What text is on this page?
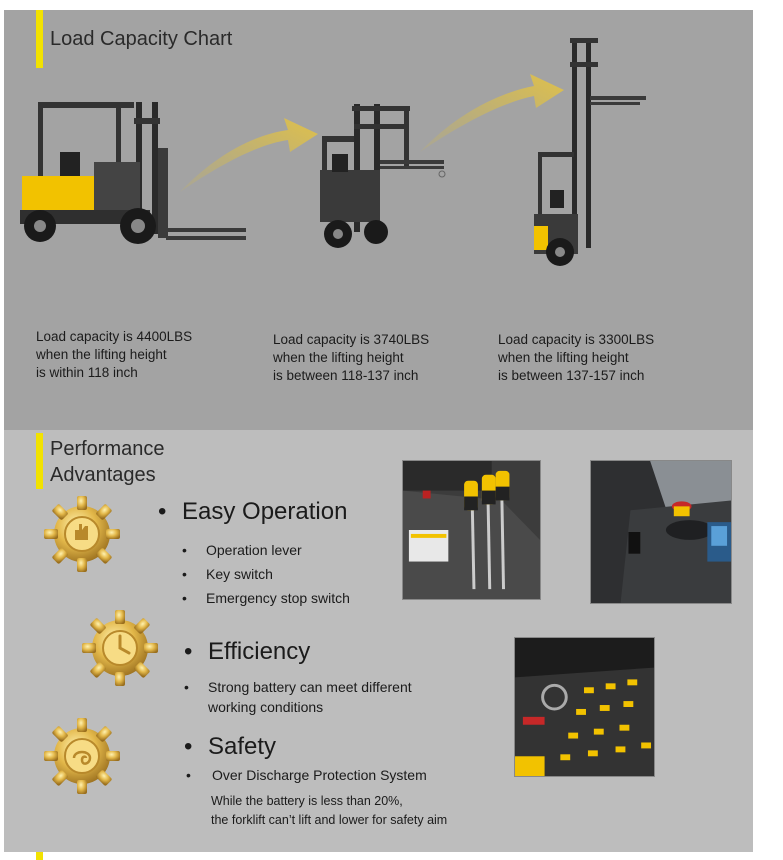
Load Capacity Chart
Load capacity is 4400LBS
when the lifting height
is within 118 inch
Load capacity is 3740LBS
when the lifting height
is between 118-137 inch
Load capacity is 3300LBS
when the lifting height
is between 137-157 inch
Performance
Advantages
• Easy Operation
• Operation lever
• Key switch
• Emergency stop switch
• Efficiency
• Strong battery can meet different
working conditions
• Safety
• Over Discharge Protection System
While the battery is less than 20%,
the forklift can’t lift and lower for safety aim
